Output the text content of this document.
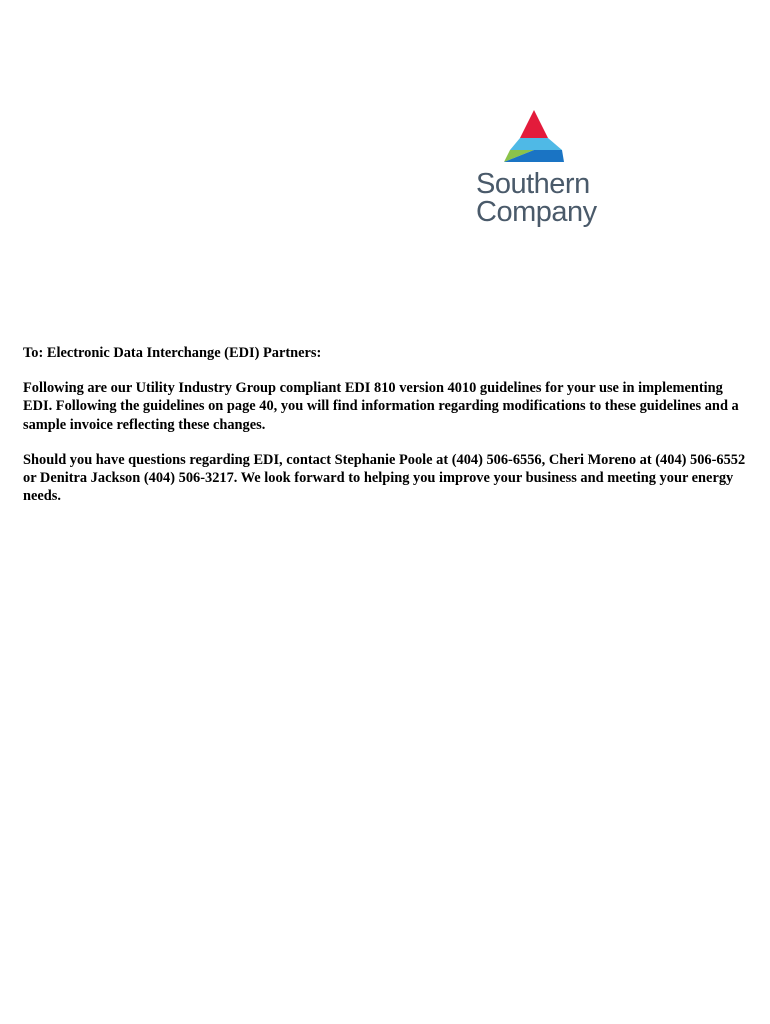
Southern
Company

To: Electronic Data Interchange (EDI) Partners:

Following are our Utility Industry Group compliant EDI 810 version 4010 guidelines for your use in implementing EDI. Following the guidelines on page 40, you will find information regarding modifications to these guidelines and a sample invoice reflecting these changes.

Should you have questions regarding EDI, contact Stephanie Poole at (404) 506-6556, Cheri Moreno at (404) 506-6552 or Denitra Jackson (404) 506-3217. We look forward to helping you improve your business and meeting your energy needs.
